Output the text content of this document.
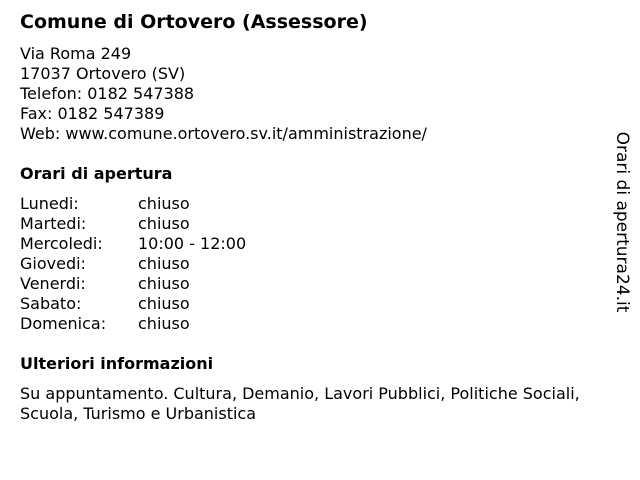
Comune di Ortovero (Assessore)
Via Roma 249
17037 Ortovero (SV)
Telefon: 0182 547388
Fax: 0182 547389
Web: www.comune.ortovero.sv.it/amministrazione/
Orari di apertura
Lunedi:	chiuso
Martedi:	chiuso
Mercoledi:	10:00 - 12:00
Giovedi:	chiuso
Venerdi:	chiuso
Sabato:	chiuso
Domenica:	chiuso
Ulteriori informazioni
Su appuntamento. Cultura, Demanio, Lavori Pubblici, Politiche Sociali, Scuola, Turismo e Urbanistica
Orari di apertura24.it
